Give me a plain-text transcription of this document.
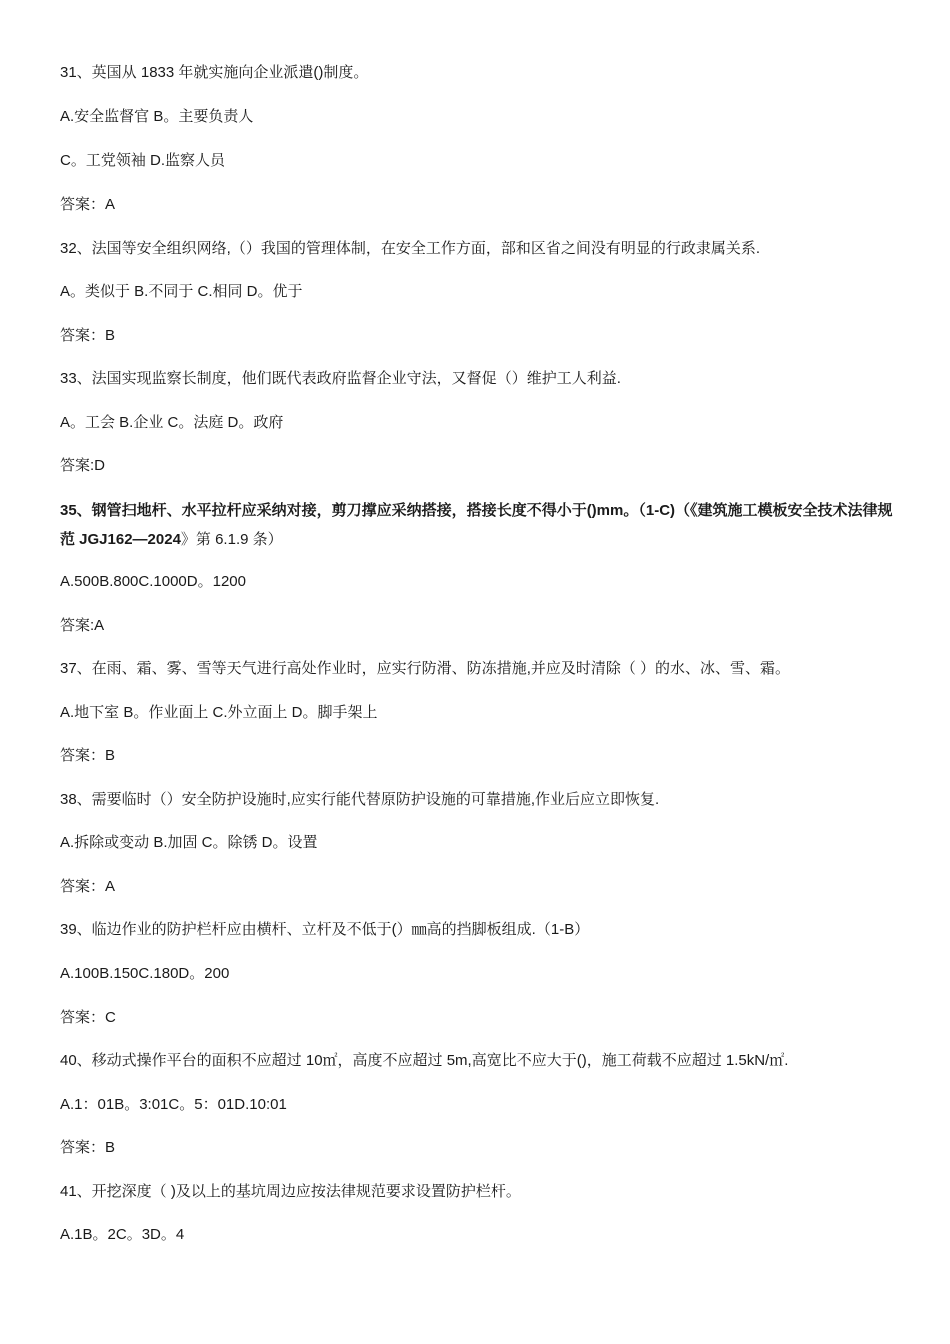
31、英国从 1833 年就实施向企业派遣()制度。
A.安全监督官 B。主要负责人
C。工党领袖 D.监察人员
答案：A
32、法国等安全组织网络,（）我国的管理体制，在安全工作方面，部和区省之间没有明显的行政隶属关系.
A。类似于 B.不同于 C.相同 D。优于
答案：B
33、法国实现监察长制度，他们既代表政府监督企业守法，又督促（）维护工人利益.
A。工会 B.企业 C。法庭 D。政府
答案:D
35、钢管扫地杆、水平拉杆应采纳对接，剪刀撑应采纳搭接，搭接长度不得小于()mm。（1-C)（《建筑施工模板安全技术法律规范 JGJ162—2024》第 6.1.9 条）
A.500B.800C.1000D。1200
答案:A
37、在雨、霜、雾、雪等天气进行高处作业时，应实行防滑、防冻措施,并应及时清除（ ）的水、冰、雪、霜。
A.地下室 B。作业面上 C.外立面上 D。脚手架上
答案：B
38、需要临时（）安全防护设施时,应实行能代替原防护设施的可靠措施,作业后应立即恢复.
A.拆除或变动 B.加固 C。除锈 D。设置
答案：A
39、临边作业的防护栏杆应由横杆、立杆及不低于(）㎜高的挡脚板组成.（1-B）
A.100B.150C.180D。200
答案：C
40、移动式操作平台的面积不应超过 10㎡，高度不应超过 5m,高宽比不应大于()，施工荷载不应超过 1.5kN/㎡.
A.1：01B。3:01C。5：01D.10:01
答案：B
41、开挖深度（ )及以上的基坑周边应按法律规范要求设置防护栏杆。
A.1B。2C。3D。4
